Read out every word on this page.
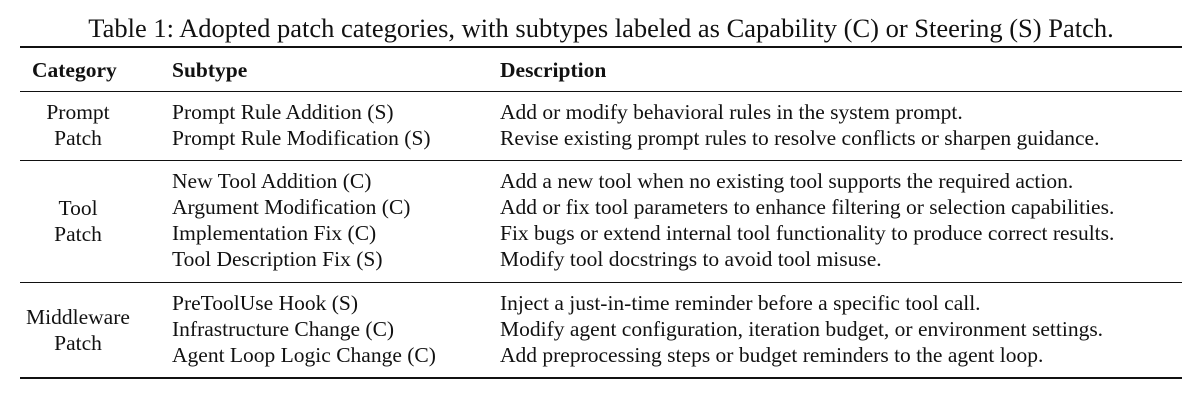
Table 1: Adopted patch categories, with subtypes labeled as Capability (C) or Steering (S) Patch.
Category	Subtype	Description
Prompt
Patch
Prompt Rule Addition (S)
Prompt Rule Modification (S)
Add or modify behavioral rules in the system prompt.
Revise existing prompt rules to resolve conflicts or sharpen guidance.
Tool
Patch
New Tool Addition (C)
Argument Modification (C)
Implementation Fix (C)
Tool Description Fix (S)
Add a new tool when no existing tool supports the required action.
Add or fix tool parameters to enhance filtering or selection capabilities.
Fix bugs or extend internal tool functionality to produce correct results.
Modify tool docstrings to avoid tool misuse.
Middleware
Patch
PreToolUse Hook (S)
Infrastructure Change (C)
Agent Loop Logic Change (C)
Inject a just-in-time reminder before a specific tool call.
Modify agent configuration, iteration budget, or environment settings.
Add preprocessing steps or budget reminders to the agent loop.
